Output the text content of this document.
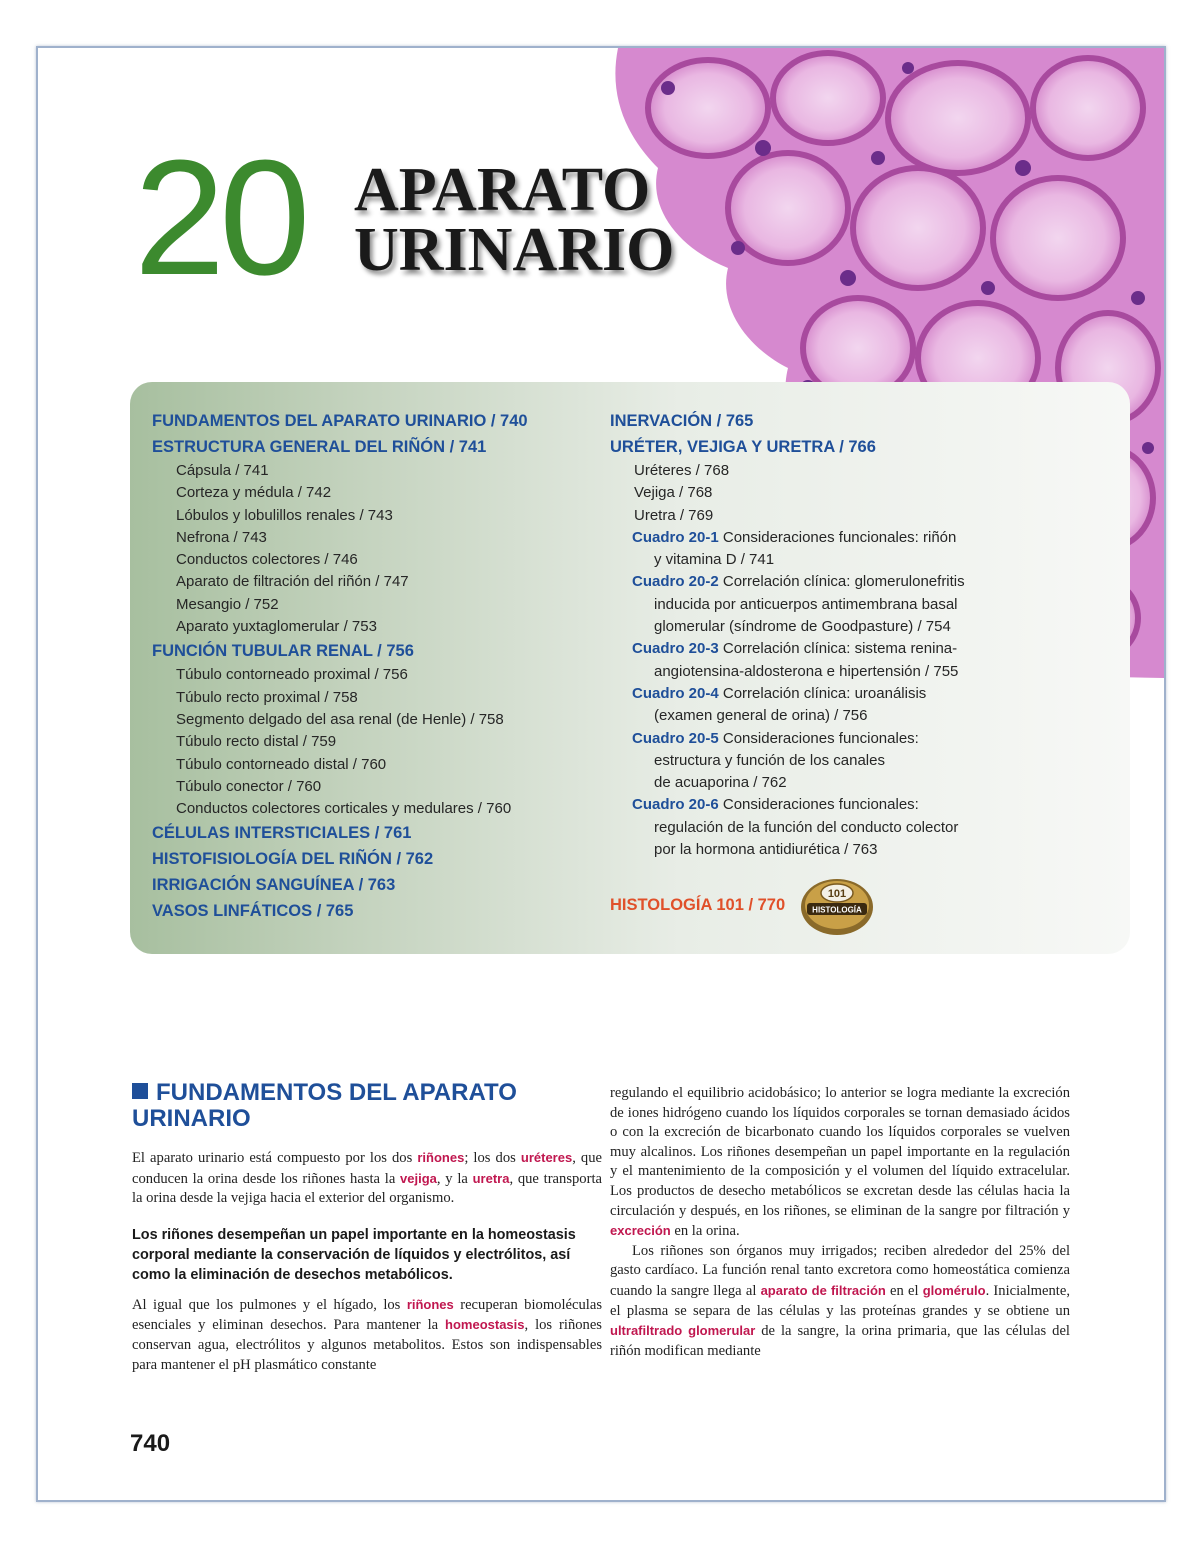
20 APARATO
URINARIO
FUNDAMENTOS DEL APARATO URINARIO / 740
ESTRUCTURA GENERAL DEL RIÑÓN / 741
Cápsula / 741
Corteza y médula / 742
Lóbulos y lobulillos renales / 743
Nefrona / 743
Conductos colectores / 746
Aparato de filtración del riñón / 747
Mesangio / 752
Aparato yuxtaglomerular / 753
FUNCIÓN TUBULAR RENAL / 756
Túbulo contorneado proximal / 756
Túbulo recto proximal / 758
Segmento delgado del asa renal (de Henle) / 758
Túbulo recto distal / 759
Túbulo contorneado distal / 760
Túbulo conector / 760
Conductos colectores corticales y medulares / 760
CÉLULAS INTERSTICIALES / 761
HISTOFISIOLOGÍA DEL RIÑÓN / 762
IRRIGACIÓN SANGUÍNEA / 763
VASOS LINFÁTICOS / 765
INERVACIÓN / 765
URÉTER, VEJIGA Y URETRA / 766
Uréteres / 768
Vejiga / 768
Uretra / 769
Cuadro 20-1 Consideraciones funcionales: riñón
y vitamina D / 741
Cuadro 20-2 Correlación clínica: glomerulonefritis
inducida por anticuerpos antimembrana basal
glomerular (síndrome de Goodpasture) / 754
Cuadro 20-3 Correlación clínica: sistema renina-
angiotensina-aldosterona e hipertensión / 755
Cuadro 20-4 Correlación clínica: uroanálisis
(examen general de orina) / 756
Cuadro 20-5 Consideraciones funcionales:
estructura y función de los canales
de acuaporina / 762
Cuadro 20-6 Consideraciones funcionales:
regulación de la función del conducto colector
por la hormona antidiurética / 763
HISTOLOGÍA 101 / 770
101
HISTOLOGÍA
FUNDAMENTOS DEL APARATO URINARIO

El aparato urinario está compuesto por los dos riñones; los dos uréteres, que conducen la orina desde los riñones hasta la vejiga, y la uretra, que transporta la orina desde la vejiga hacia el exterior del organismo.

Los riñones desempeñan un papel importante en la homeostasis corporal mediante la conservación de líquidos y electrólitos, así como la eliminación de desechos metabólicos.

Al igual que los pulmones y el hígado, los riñones recuperan biomoléculas esenciales y eliminan desechos. Para mantener la homeostasis, los riñones conservan agua, electrólitos y algunos metabolitos. Estos son indispensables para mantener el pH plasmático constante

regulando el equilibrio acidobásico; lo anterior se logra mediante la excreción de iones hidrógeno cuando los líquidos corporales se tornan demasiado ácidos o con la excreción de bicarbonato cuando los líquidos corporales se vuelven muy alcalinos. Los riñones desempeñan un papel importante en la regulación y el mantenimiento de la composición y el volumen del líquido extracelular. Los productos de desecho metabólicos se excretan desde las células hacia la circulación y después, en los riñones, se eliminan de la sangre por filtración y excreción en la orina.

Los riñones son órganos muy irrigados; reciben alrededor del 25% del gasto cardíaco. La función renal tanto excretora como homeostática comienza cuando la sangre llega al aparato de filtración en el glomérulo. Inicialmente, el plasma se separa de las células y las proteínas grandes y se obtiene un ultrafiltrado glomerular de la sangre, la orina primaria, que las células del riñón modifican mediante

740
